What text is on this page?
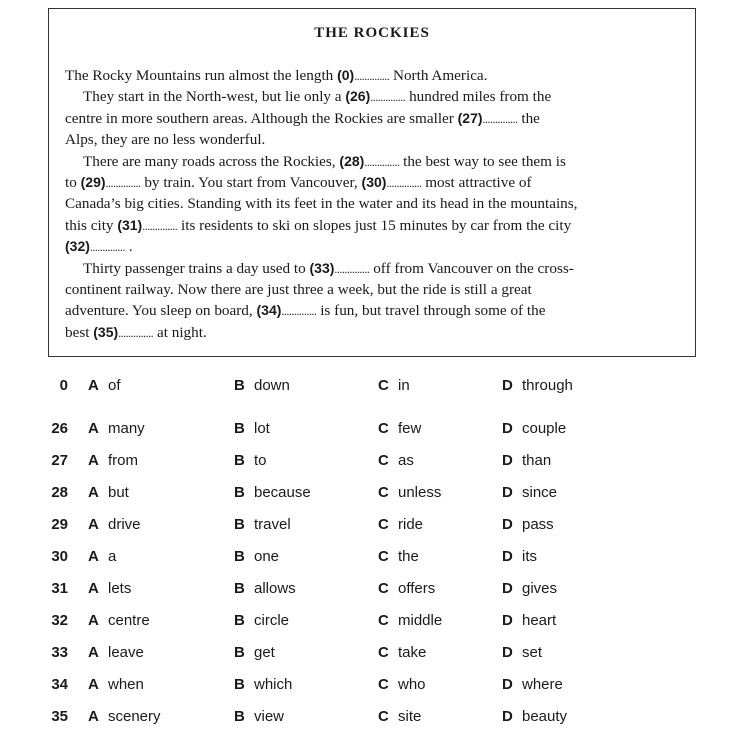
THE ROCKIES
The Rocky Mountains run almost the length (0).............. North America.
They start in the North-west, but lie only a (26).............. hundred miles from the
centre in more southern areas. Although the Rockies are smaller (27).............. the
Alps, they are no less wonderful.
There are many roads across the Rockies, (28).............. the best way to see them is
to (29).............. by train. You start from Vancouver, (30).............. most attractive of
Canada’s big cities. Standing with its feet in the water and its head in the mountains,
this city (31).............. its residents to ski on slopes just 15 minutes by car from the city
(32).............. .
Thirty passenger trains a day used to (33).............. off from Vancouver on the cross-
continent railway. Now there are just three a week, but the ride is still a great
adventure. You sleep on board, (34).............. is fun, but travel through some of the
best (35).............. at night.
0 A of	B down	C in	D through
26 A many	B lot	C few	D couple
27 A from	B to	C as	D than
28 A but	B because	C unless	D since
29 A drive	B travel	C ride	D pass
30 A a	B one	C the	D its
31 A lets	B allows	C offers	D gives
32 A centre	B circle	C middle	D heart
33 A leave	B get	C take	D set
34 A when	B which	C who	D where
35 A scenery	B view	C site	D beauty
